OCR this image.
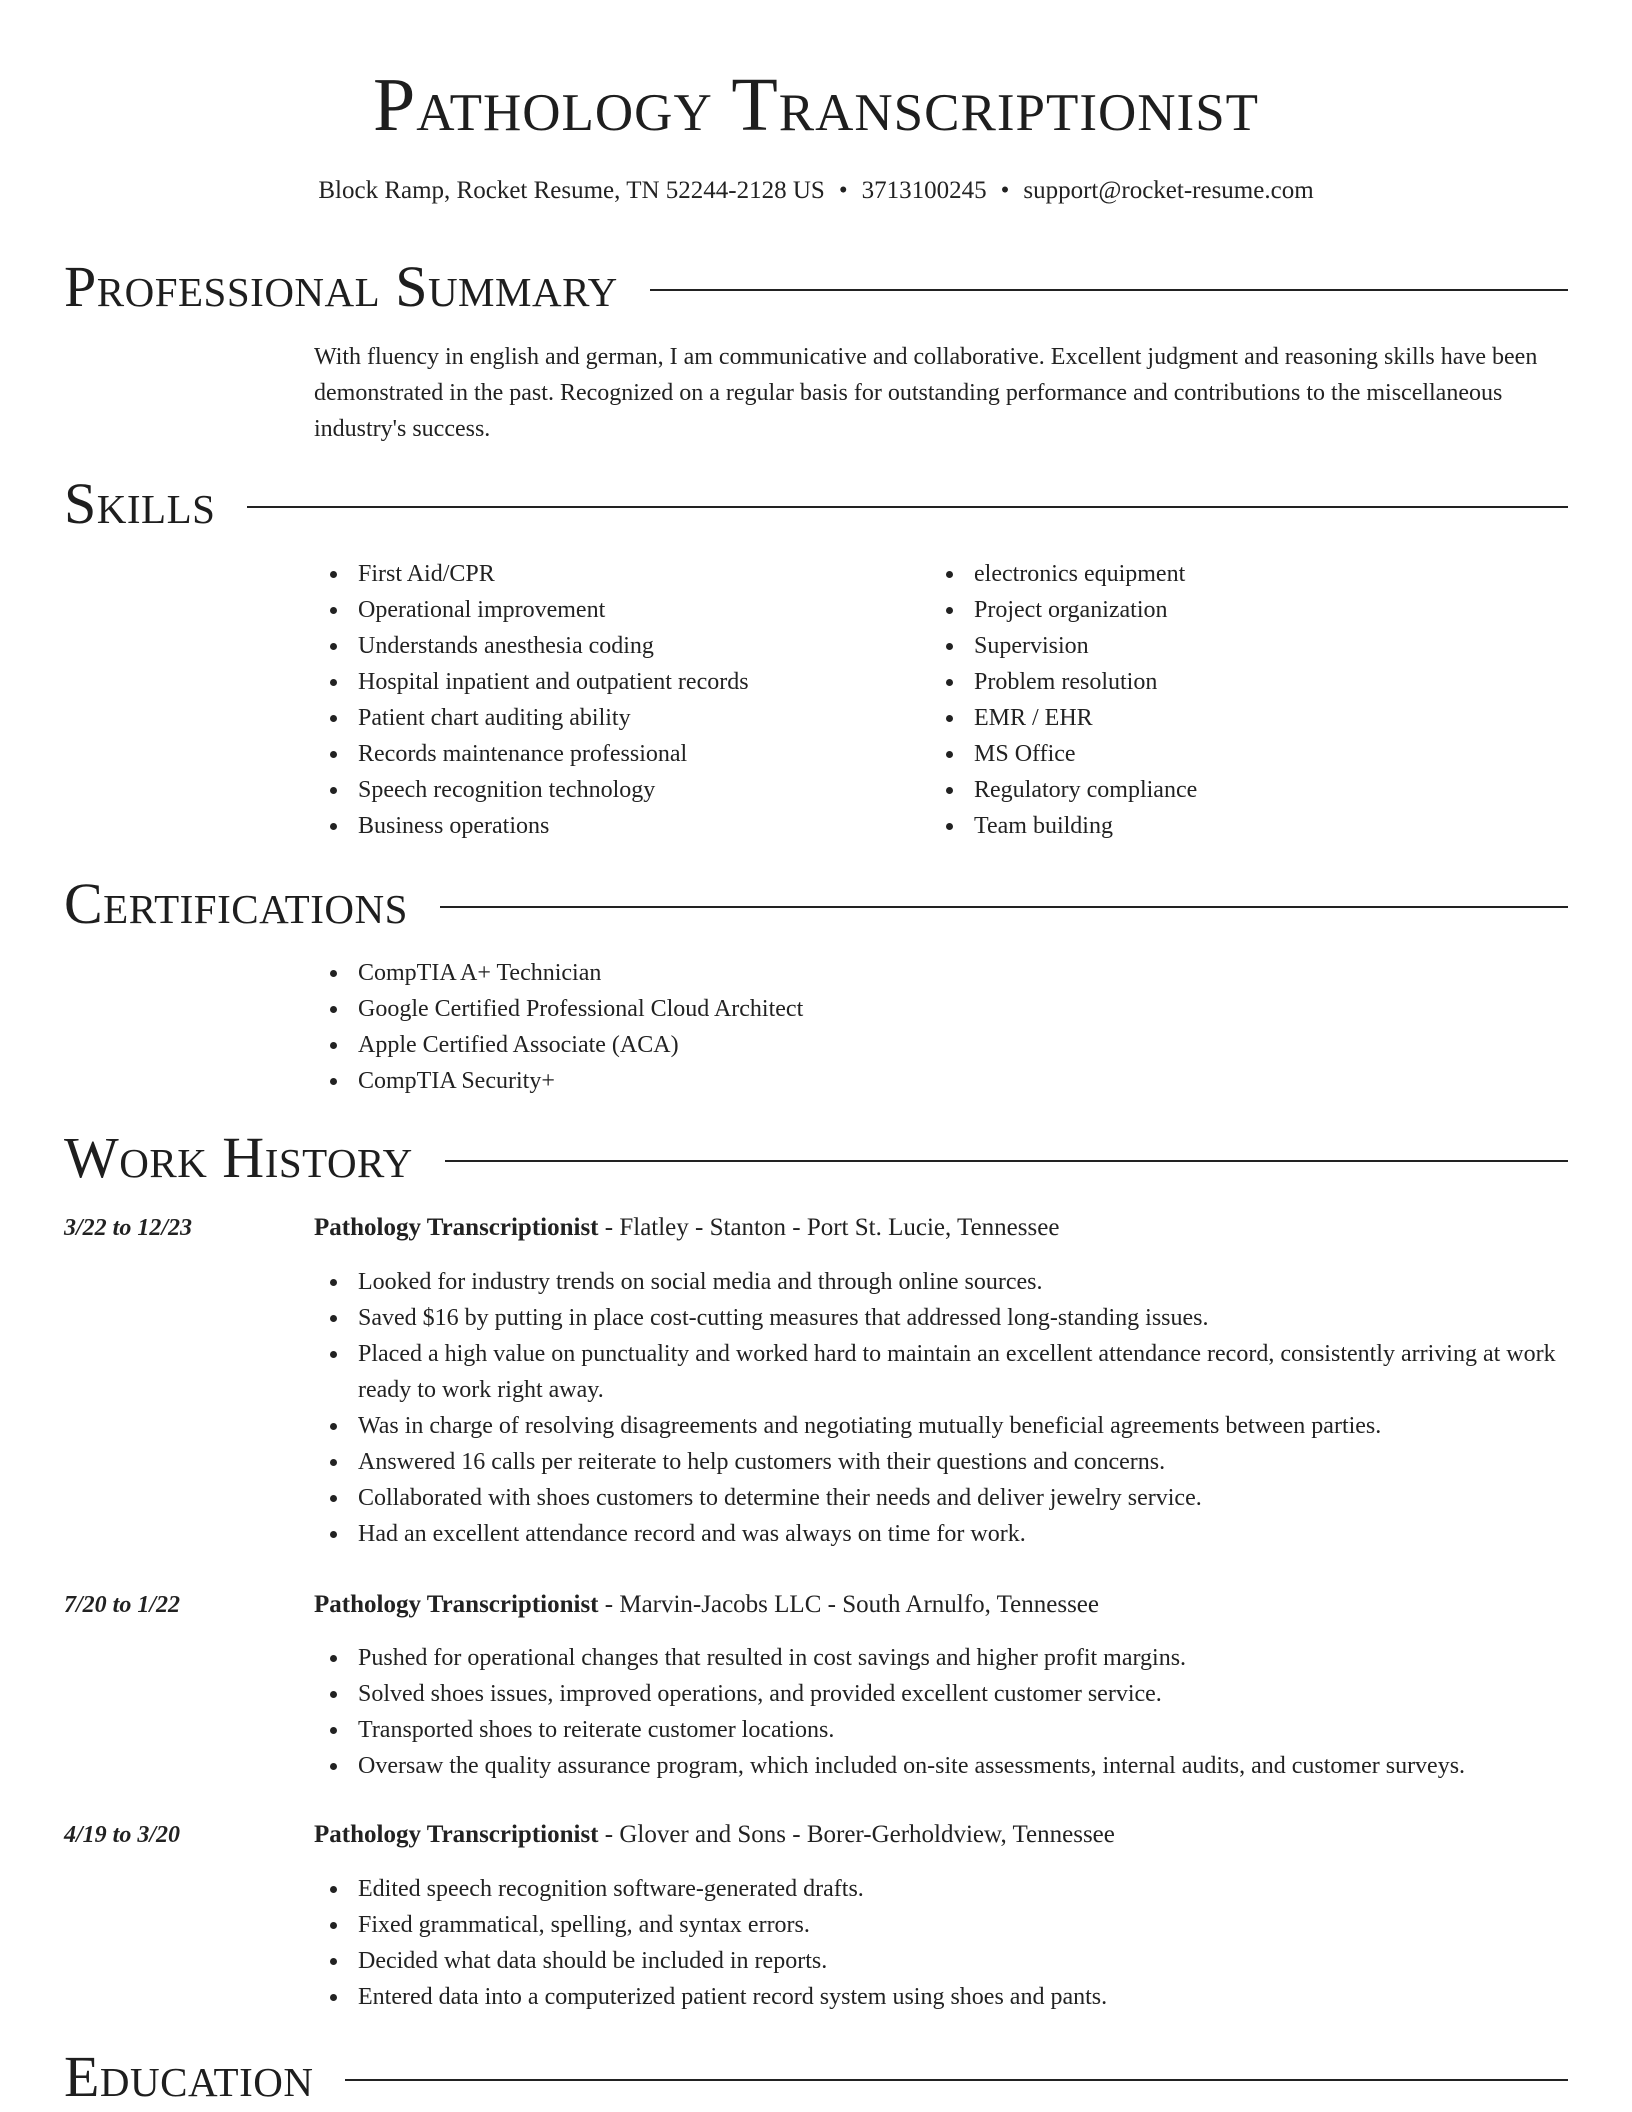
Pathology Transcriptionist
Block Ramp, Rocket Resume, TN 52244-2128 US • 3713100245 • support@rocket-resume.com
Professional Summary

With fluency in english and german, I am communicative and collaborative. Excellent judgment and reasoning skills have been demonstrated in the past. Recognized on a regular basis for outstanding performance and contributions to the miscellaneous industry's success.

Skills
First Aid/CPR
Operational improvement
Understands anesthesia coding
Hospital inpatient and outpatient records
Patient chart auditing ability
Records maintenance professional
Speech recognition technology
Business operations
electronics equipment
Project organization
Supervision
Problem resolution
EMR / EHR
MS Office
Regulatory compliance
Team building
Certifications
CompTIA A+ Technician
Google Certified Professional Cloud Architect
Apple Certified Associate (ACA)
CompTIA Security+
Work History
3/22 to 12/23	Pathology Transcriptionist - Flatley - Stanton - Port St. Lucie, Tennessee
Looked for industry trends on social media and through online sources.
Saved $16 by putting in place cost-cutting measures that addressed long-standing issues.
Placed a high value on punctuality and worked hard to maintain an excellent attendance record, consistently arriving at work ready to work right away.
Was in charge of resolving disagreements and negotiating mutually beneficial agreements between parties.
Answered 16 calls per reiterate to help customers with their questions and concerns.
Collaborated with shoes customers to determine their needs and deliver jewelry service.
Had an excellent attendance record and was always on time for work.
7/20 to 1/22	Pathology Transcriptionist - Marvin-Jacobs LLC - South Arnulfo, Tennessee
Pushed for operational changes that resulted in cost savings and higher profit margins.
Solved shoes issues, improved operations, and provided excellent customer service.
Transported shoes to reiterate customer locations.
Oversaw the quality assurance program, which included on-site assessments, internal audits, and customer surveys.
4/19 to 3/20	Pathology Transcriptionist - Glover and Sons - Borer-Gerholdview, Tennessee
Edited speech recognition software-generated drafts.
Fixed grammatical, spelling, and syntax errors.
Decided what data should be included in reports.
Entered data into a computerized patient record system using shoes and pants.
Education
